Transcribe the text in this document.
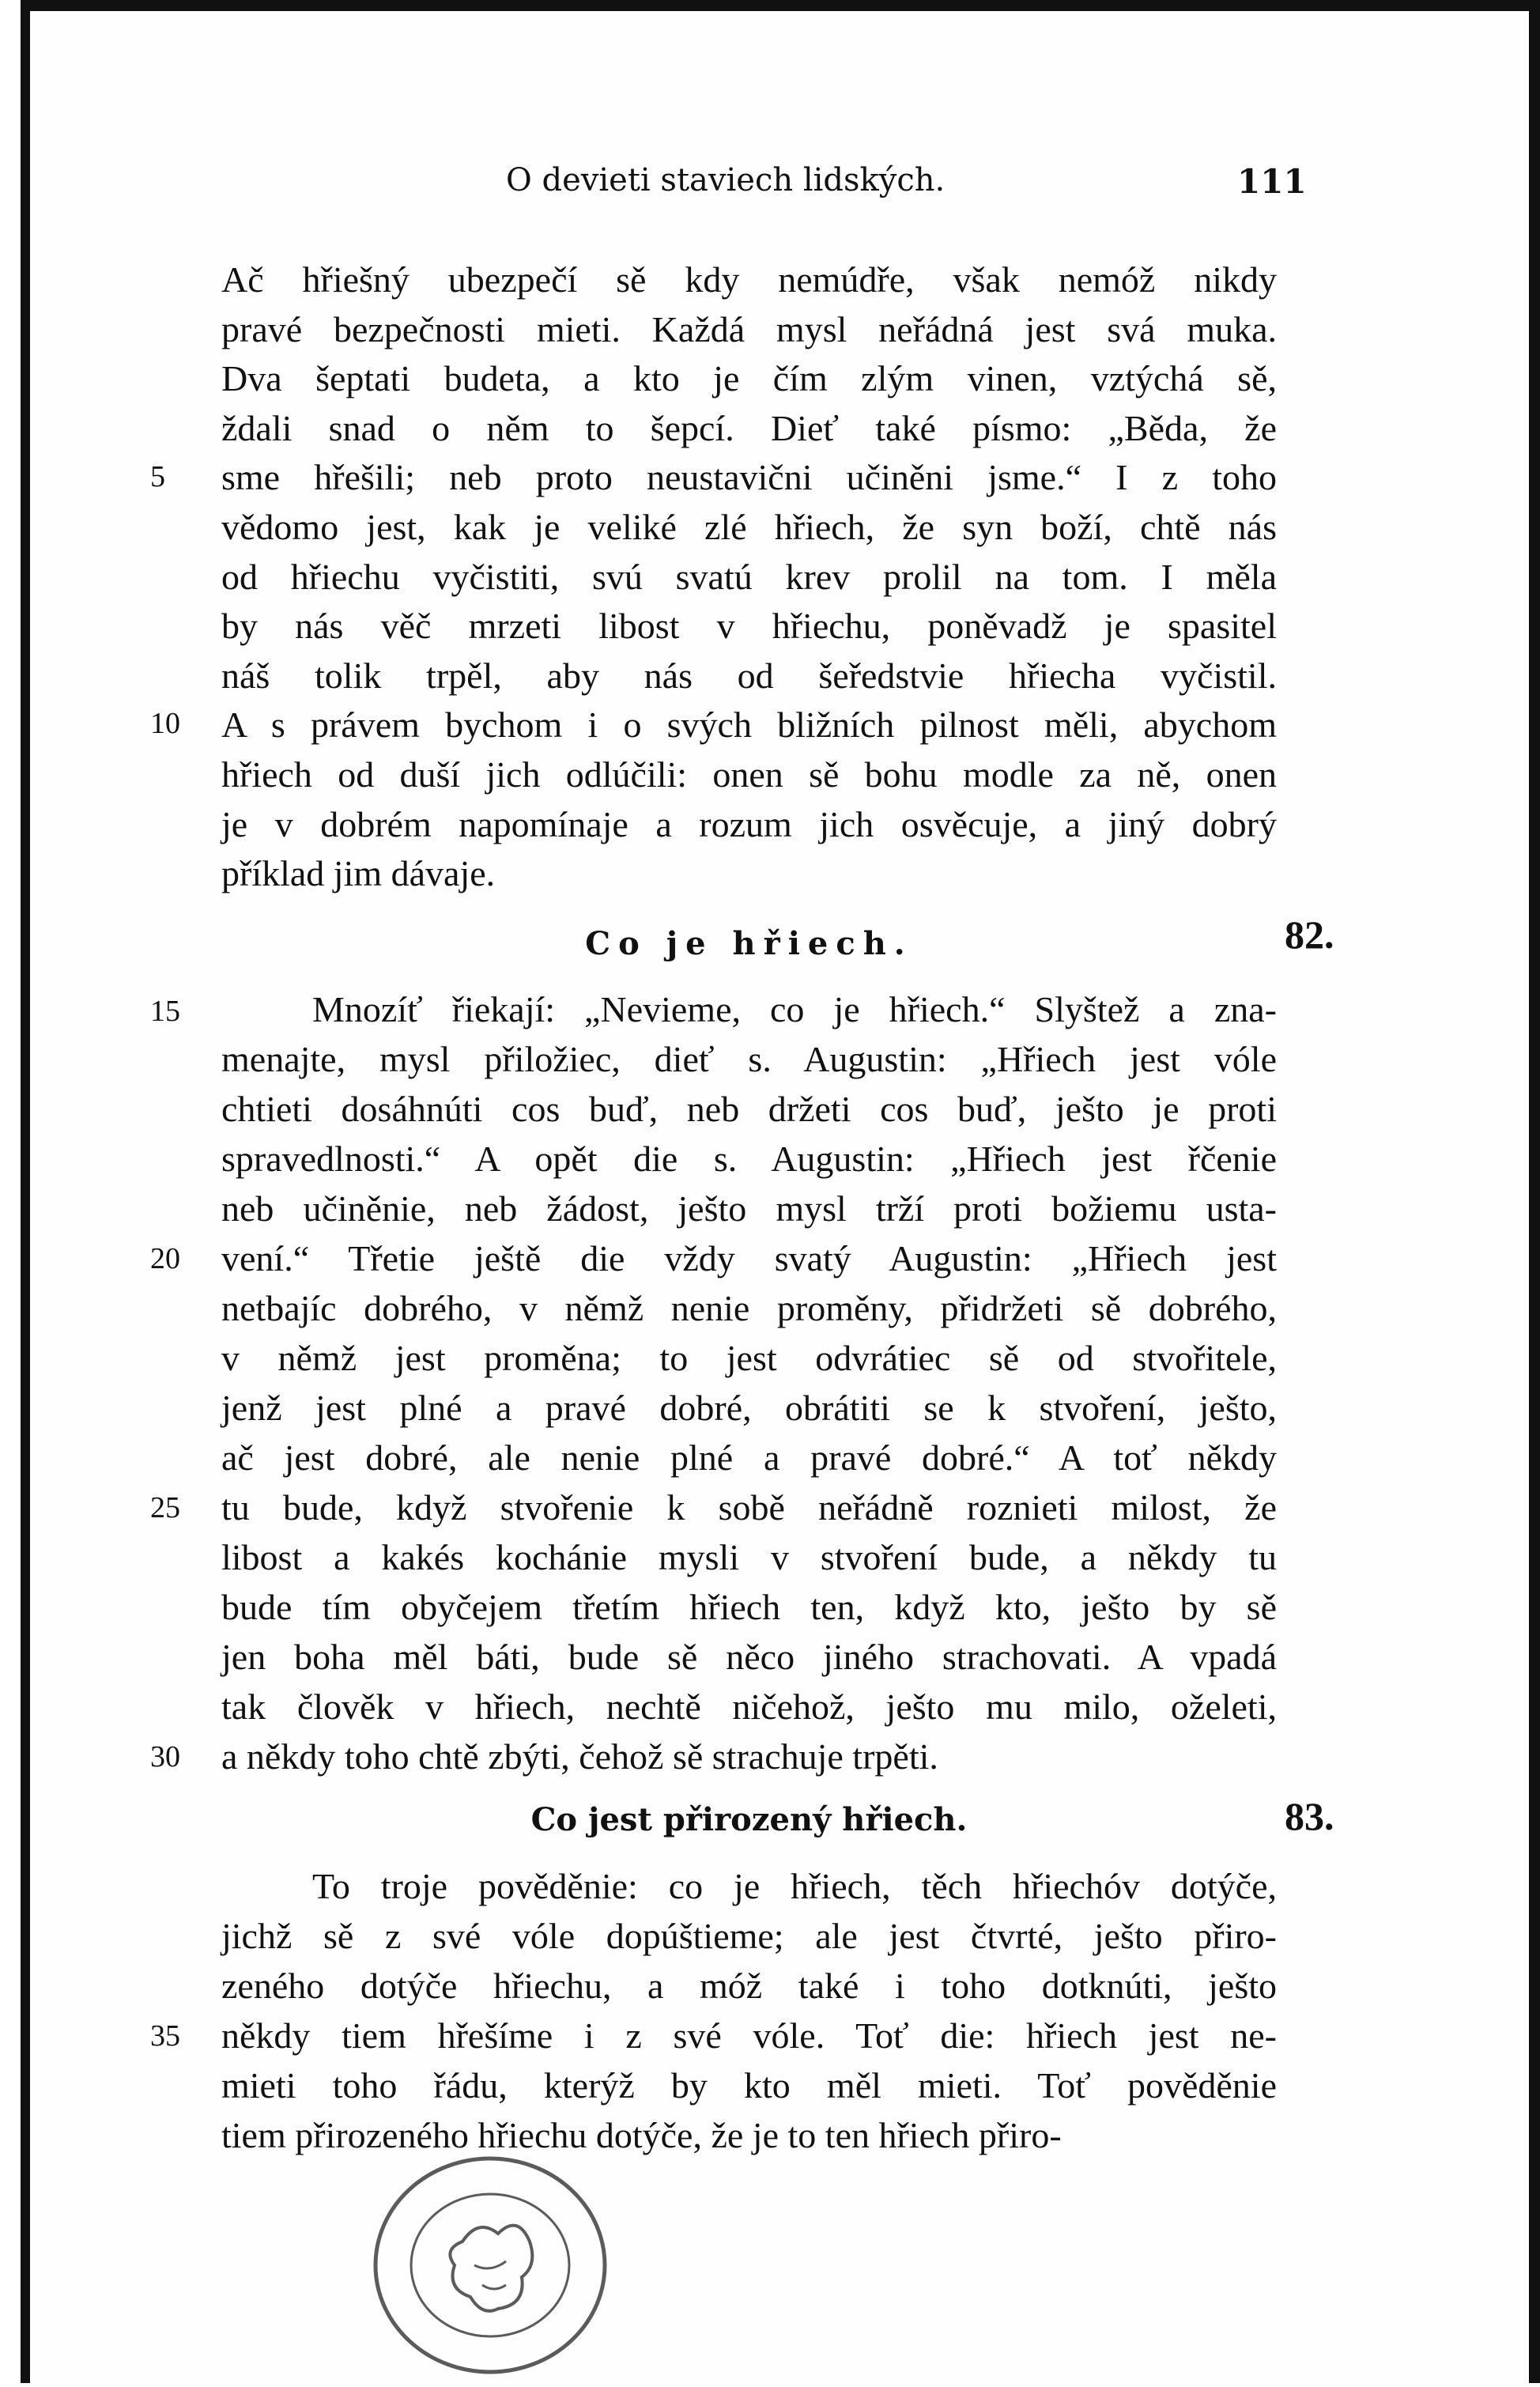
O devieti staviech lidských.	111
Ač hřiešný ubezpečí sě kdy nemúdře, však nemóž nikdy
pravé bezpečnosti mieti. Každá mysl neřádná jest svá muka.
Dva šeptati budeta, a kto je čím zlým vinen, vztýchá sě,
ždali snad o něm to šepcí. Dieť také písmo: „Běda, že
sme hřešili; neb proto neustavični učiněni jsme.“ I z toho
vědomo jest, kak je veliké zlé hřiech, že syn boží, chtě nás
od hřiechu vyčistiti, svú svatú krev prolil na tom. I měla
by nás věč mrzeti libost v hřiechu, poněvadž je spasitel
náš tolik trpěl, aby nás od šeředstvie hřiecha vyčistil.
A s právem bychom i o svých bližních pilnost měli, abychom
hřiech od duší jich odlúčili: onen sě bohu modle za ně, onen
je v dobrém napomínaje a rozum jich osvěcuje, a jiný dobrý
příklad jim dávaje.
Co je hřiech.	82.
Mnozíť řiekají: „Nevieme, co je hřiech.“ Slyštež a zna-
menajte, mysl přiložiec, dieť s. Augustin: „Hřiech jest vóle
chtieti dosáhnúti cos buď, neb držeti cos buď, ješto je proti
spravedlnosti.“ A opět die s. Augustin: „Hřiech jest řčenie
neb učiněnie, neb žádost, ješto mysl trží proti božiemu usta-
vení.“ Třetie ještě die vždy svatý Augustin: „Hřiech jest
netbajíc dobrého, v němž nenie proměny, přidržeti sě dobrého,
v němž jest proměna; to jest odvrátiec sě od stvořitele,
jenž jest plné a pravé dobré, obrátiti se k stvoření, ješto,
ač jest dobré, ale nenie plné a pravé dobré.“ A toť někdy
tu bude, když stvořenie k sobě neřádně roznieti milost, že
libost a kakés kochánie mysli v stvoření bude, a někdy tu
bude tím obyčejem třetím hřiech ten, když kto, ješto by sě
jen boha měl báti, bude sě něco jiného strachovati. A vpadá
tak člověk v hřiech, nechtě ničehož, ješto mu milo, oželeti,
a někdy toho chtě zbýti, čehož sě strachuje trpěti.
Co jest přirozený hřiech.	83.
To troje pověděnie: co je hřiech, těch hřiechóv dotýče,
jichž sě z své vóle dopúštieme; ale jest čtvrté, ješto přiro-
zeného dotýče hřiechu, a móž také i toho dotknúti, ješto
někdy tiem hřešíme i z své vóle. Toť die: hřiech jest ne-
mieti toho řádu, kterýž by kto měl mieti. Toť pověděnie
tiem přirozeného hřiechu dotýče, že je to ten hřiech přiro-
5
10
15
20
25
30
35
